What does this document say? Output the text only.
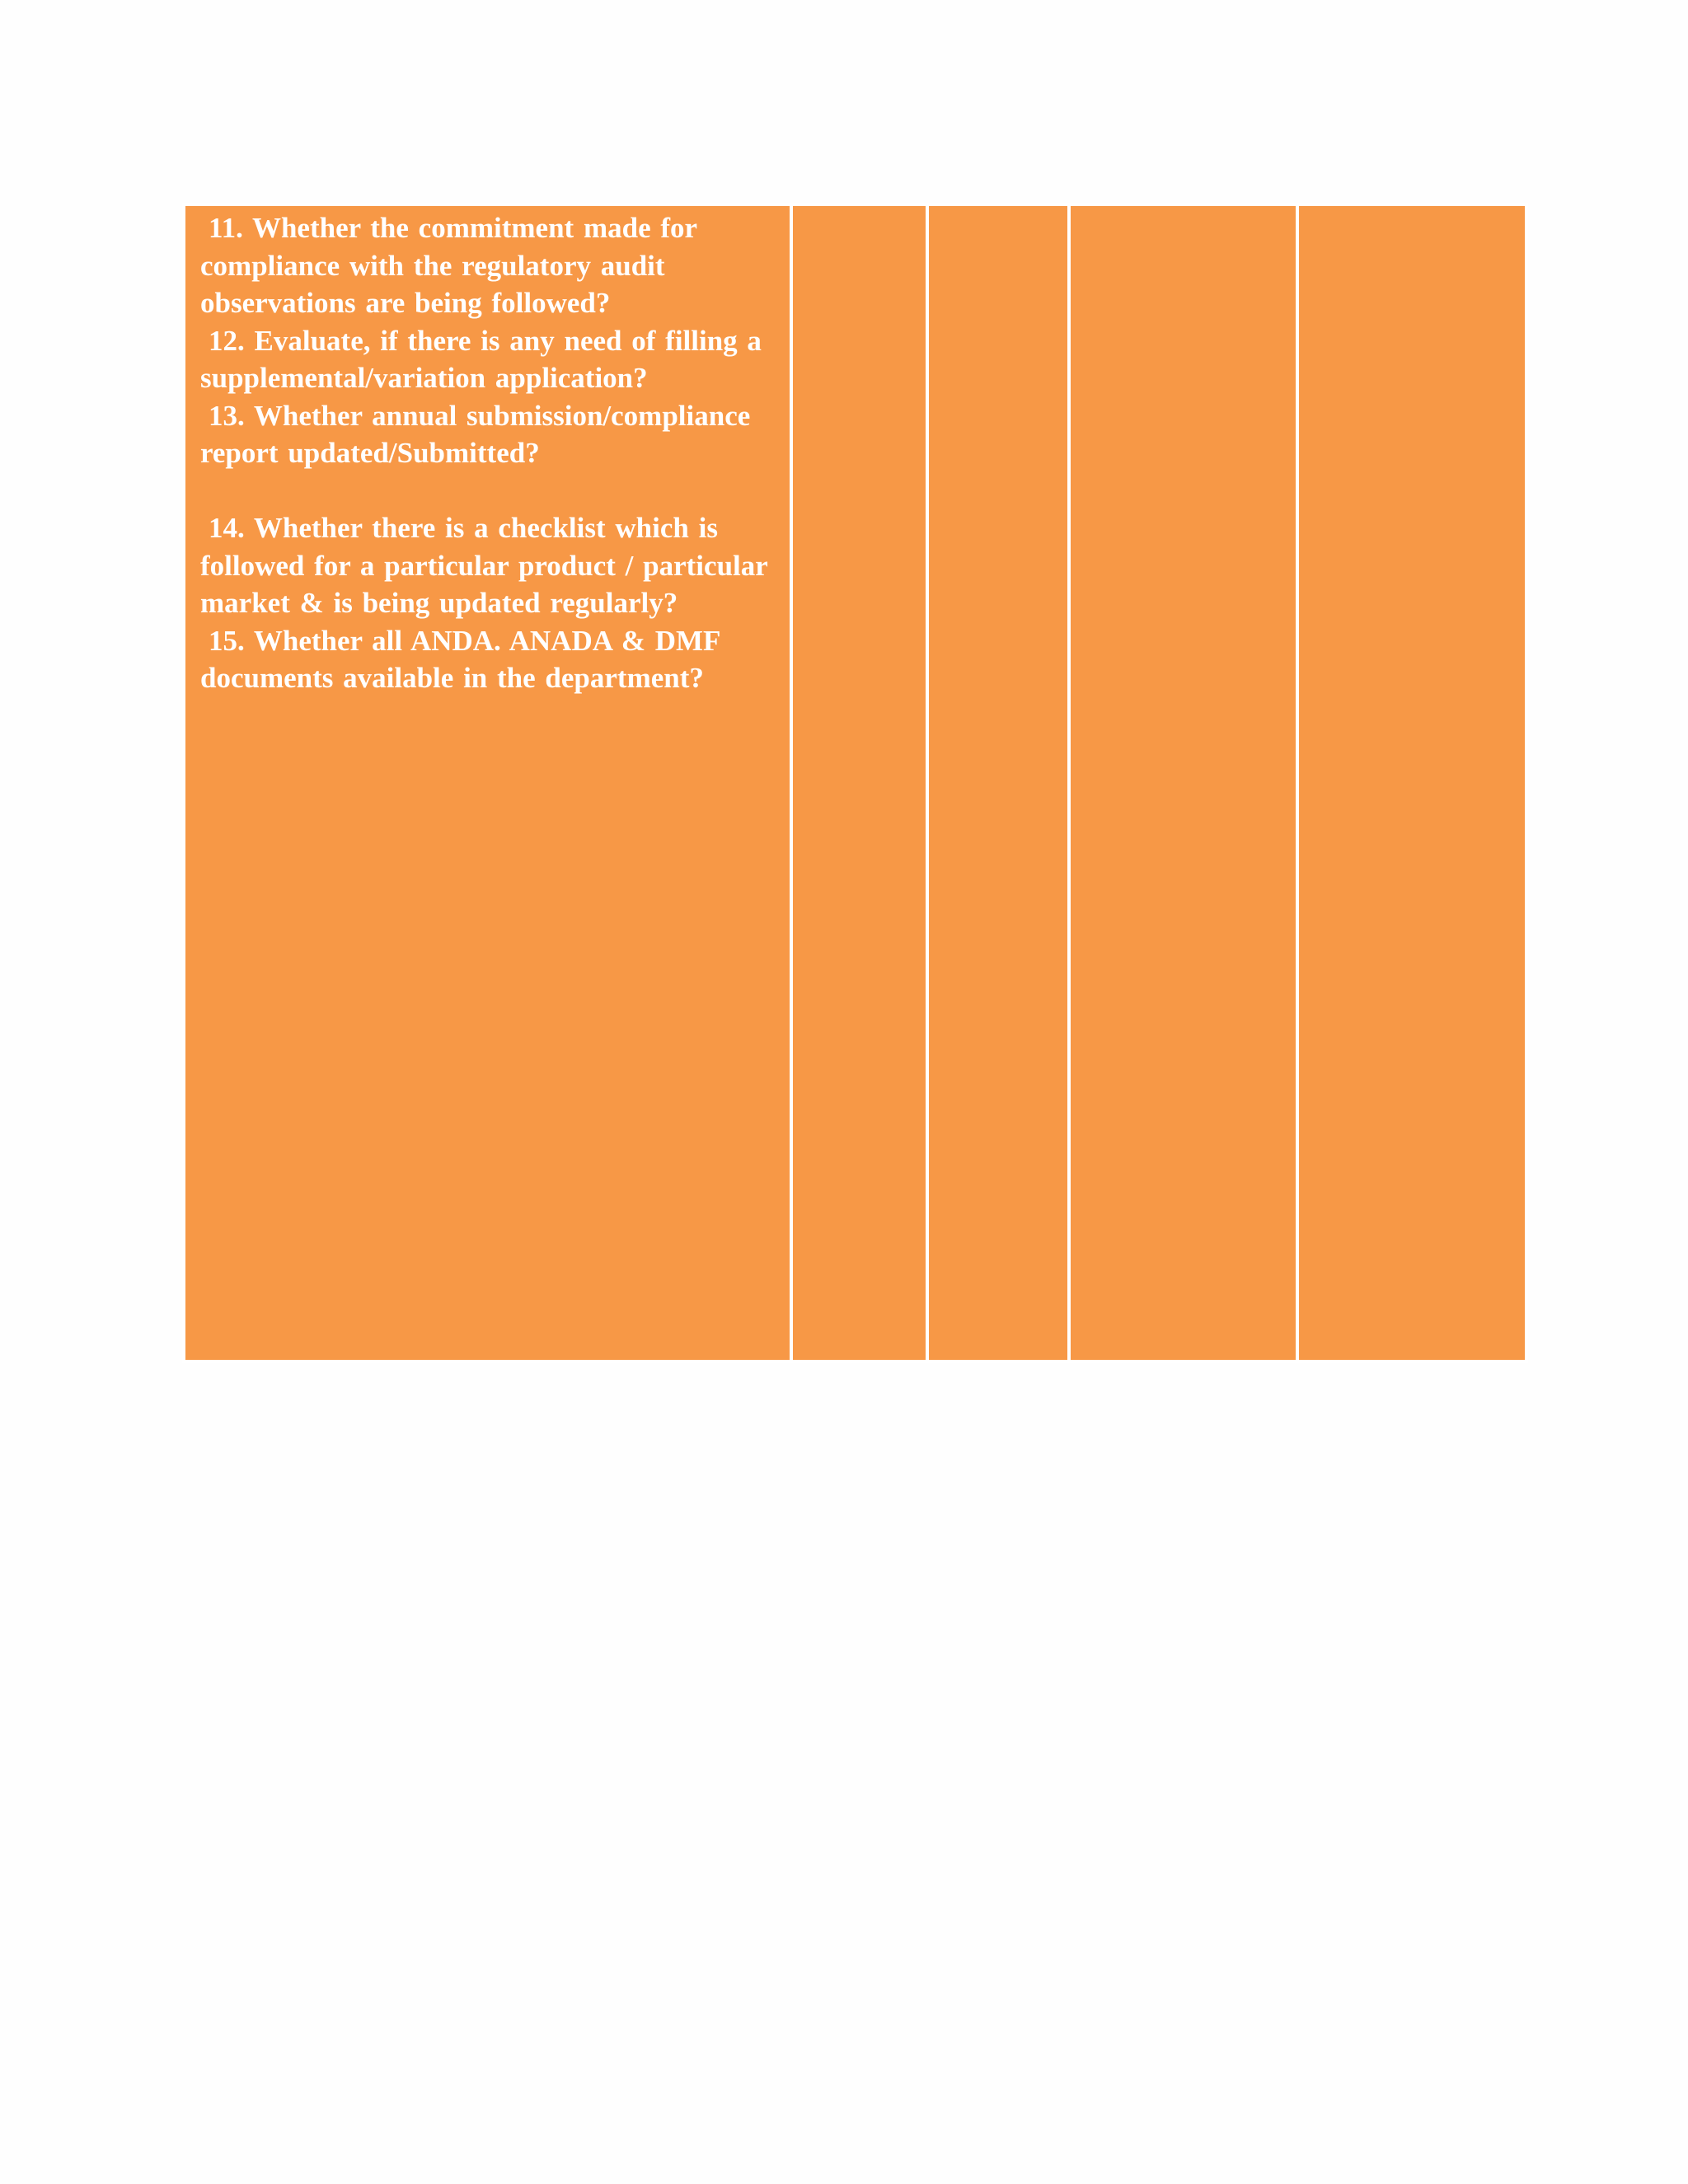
11. Whether the commitment made for compliance with the regulatory audit observations are being followed?

12. Evaluate, if there is any need of filling a supplemental/variation application?

13. Whether annual submission/compliance report updated/Submitted?

14. Whether there is a checklist which is followed for a particular product / particular market & is being updated regularly?

15. Whether all ANDA. ANADA & DMF documents available in the department?
